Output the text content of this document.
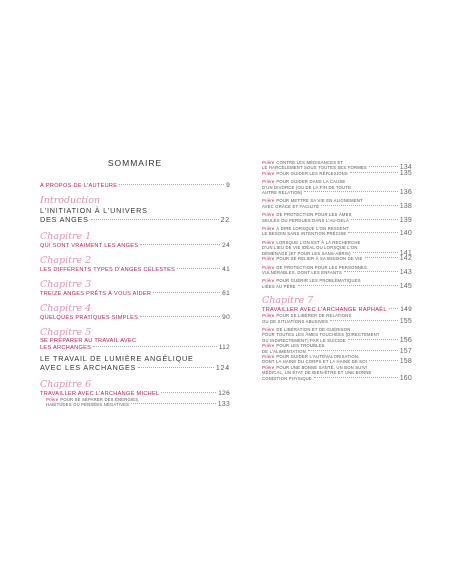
SOMMAIRE
À PROPOS DE L'AUTEURE	9
Introduction
L'INITIATION À L'UNIVERS
DES ANGES	22
Chapitre 1
QUI SONT VRAIMENT LES ANGES	24
Chapitre 2
LES DIFFÉRENTS TYPES D'ANGES CÉLESTES	41
Chapitre 3
TREIZE ANGES PRÊTS À VOUS AIDER	61
Chapitre 4
QUELQUES PRATIQUES SIMPLES	90
Chapitre 5
SE PRÉPARER AU TRAVAIL AVEC
LES ARCHANGES	112
LE TRAVAIL DE LUMIÈRE ANGÉLIQUE
AVEC LES ARCHANGES	124
Chapitre 6
TRAVAILLER AVEC L'ARCHANGE MICHEL	126
Prière POUR SE SÉPARER DES ÉNERGIES,
HABITUDES OU PENSÉES NÉGATIVES	133
Prière CONTRE LES MÉDISANCES ET
LE HARCÈLEMENT SOUS TOUTES SES FORMES	134
Prière POUR GUIDER LES RÉFLEXIONS	135
Prière POUR GUIDER DANS LA CAUSE
D'UN DIVORCE (OU DE LA FIN DE TOUTE
AUTRE RELATION)	136
Prière POUR METTRE SA VIE EN ALIGNEMENT
AVEC GRÂCE ET FACILITÉ	138
Prière DE PROTECTION POUR LES ÂMES
SEULES OU PERDUES DANS L'AU-DELÀ	139
Prière À DIRE LORSQUE L'ON RESSENT
LE BESOIN SANS INTENTION PRÉCISE	140
Prière LORSQUE L'ON EST À LA RECHERCHE
D'UN LIEU DE VIE IDÉAL OU LORSQUE L'ON
DÉMÉNAGE (ET POUR LES SANS-ABRIS)	141
Prière POUR SE RELIER À SA MISSION DE VIE	142
Prière DE PROTECTION POUR LES PERSONNES
VULNÉRABLES, DONT LES ENFANTS	143
Prière POUR GUÉRIR LES PROBLÉMATIQUES
LIÉES AU PÈRE	145
Chapitre 7
TRAVAILLER AVEC L'ARCHANGE RAPHAËL 149
Prière POUR SE LIBÉRER DE RELATIONS
OU DE SITUATIONS ABUSIVES	155
Prière DE LIBÉRATION ET DE GUÉRISON
POUR TOUTES LES ÂMES TOUCHÉES (DIRECTEMENT
OU INDIRECTEMENT) PAR LE SUICIDE	156
Prière POUR LES TROUBLES
DE L'ALIMENTATION	157
Prière POUR GUIDER L'AUTOVALORISATION,
DONT LA HAINE DU CORPS ET LA HAINE DE SOI	158
Prière POUR UNE BONNE SANTÉ, UN BON SUIVI
MÉDICAL, UN ÉTAT DE BIEN-ÊTRE ET UNE BONNE
CONDITION PHYSIQUE	160
